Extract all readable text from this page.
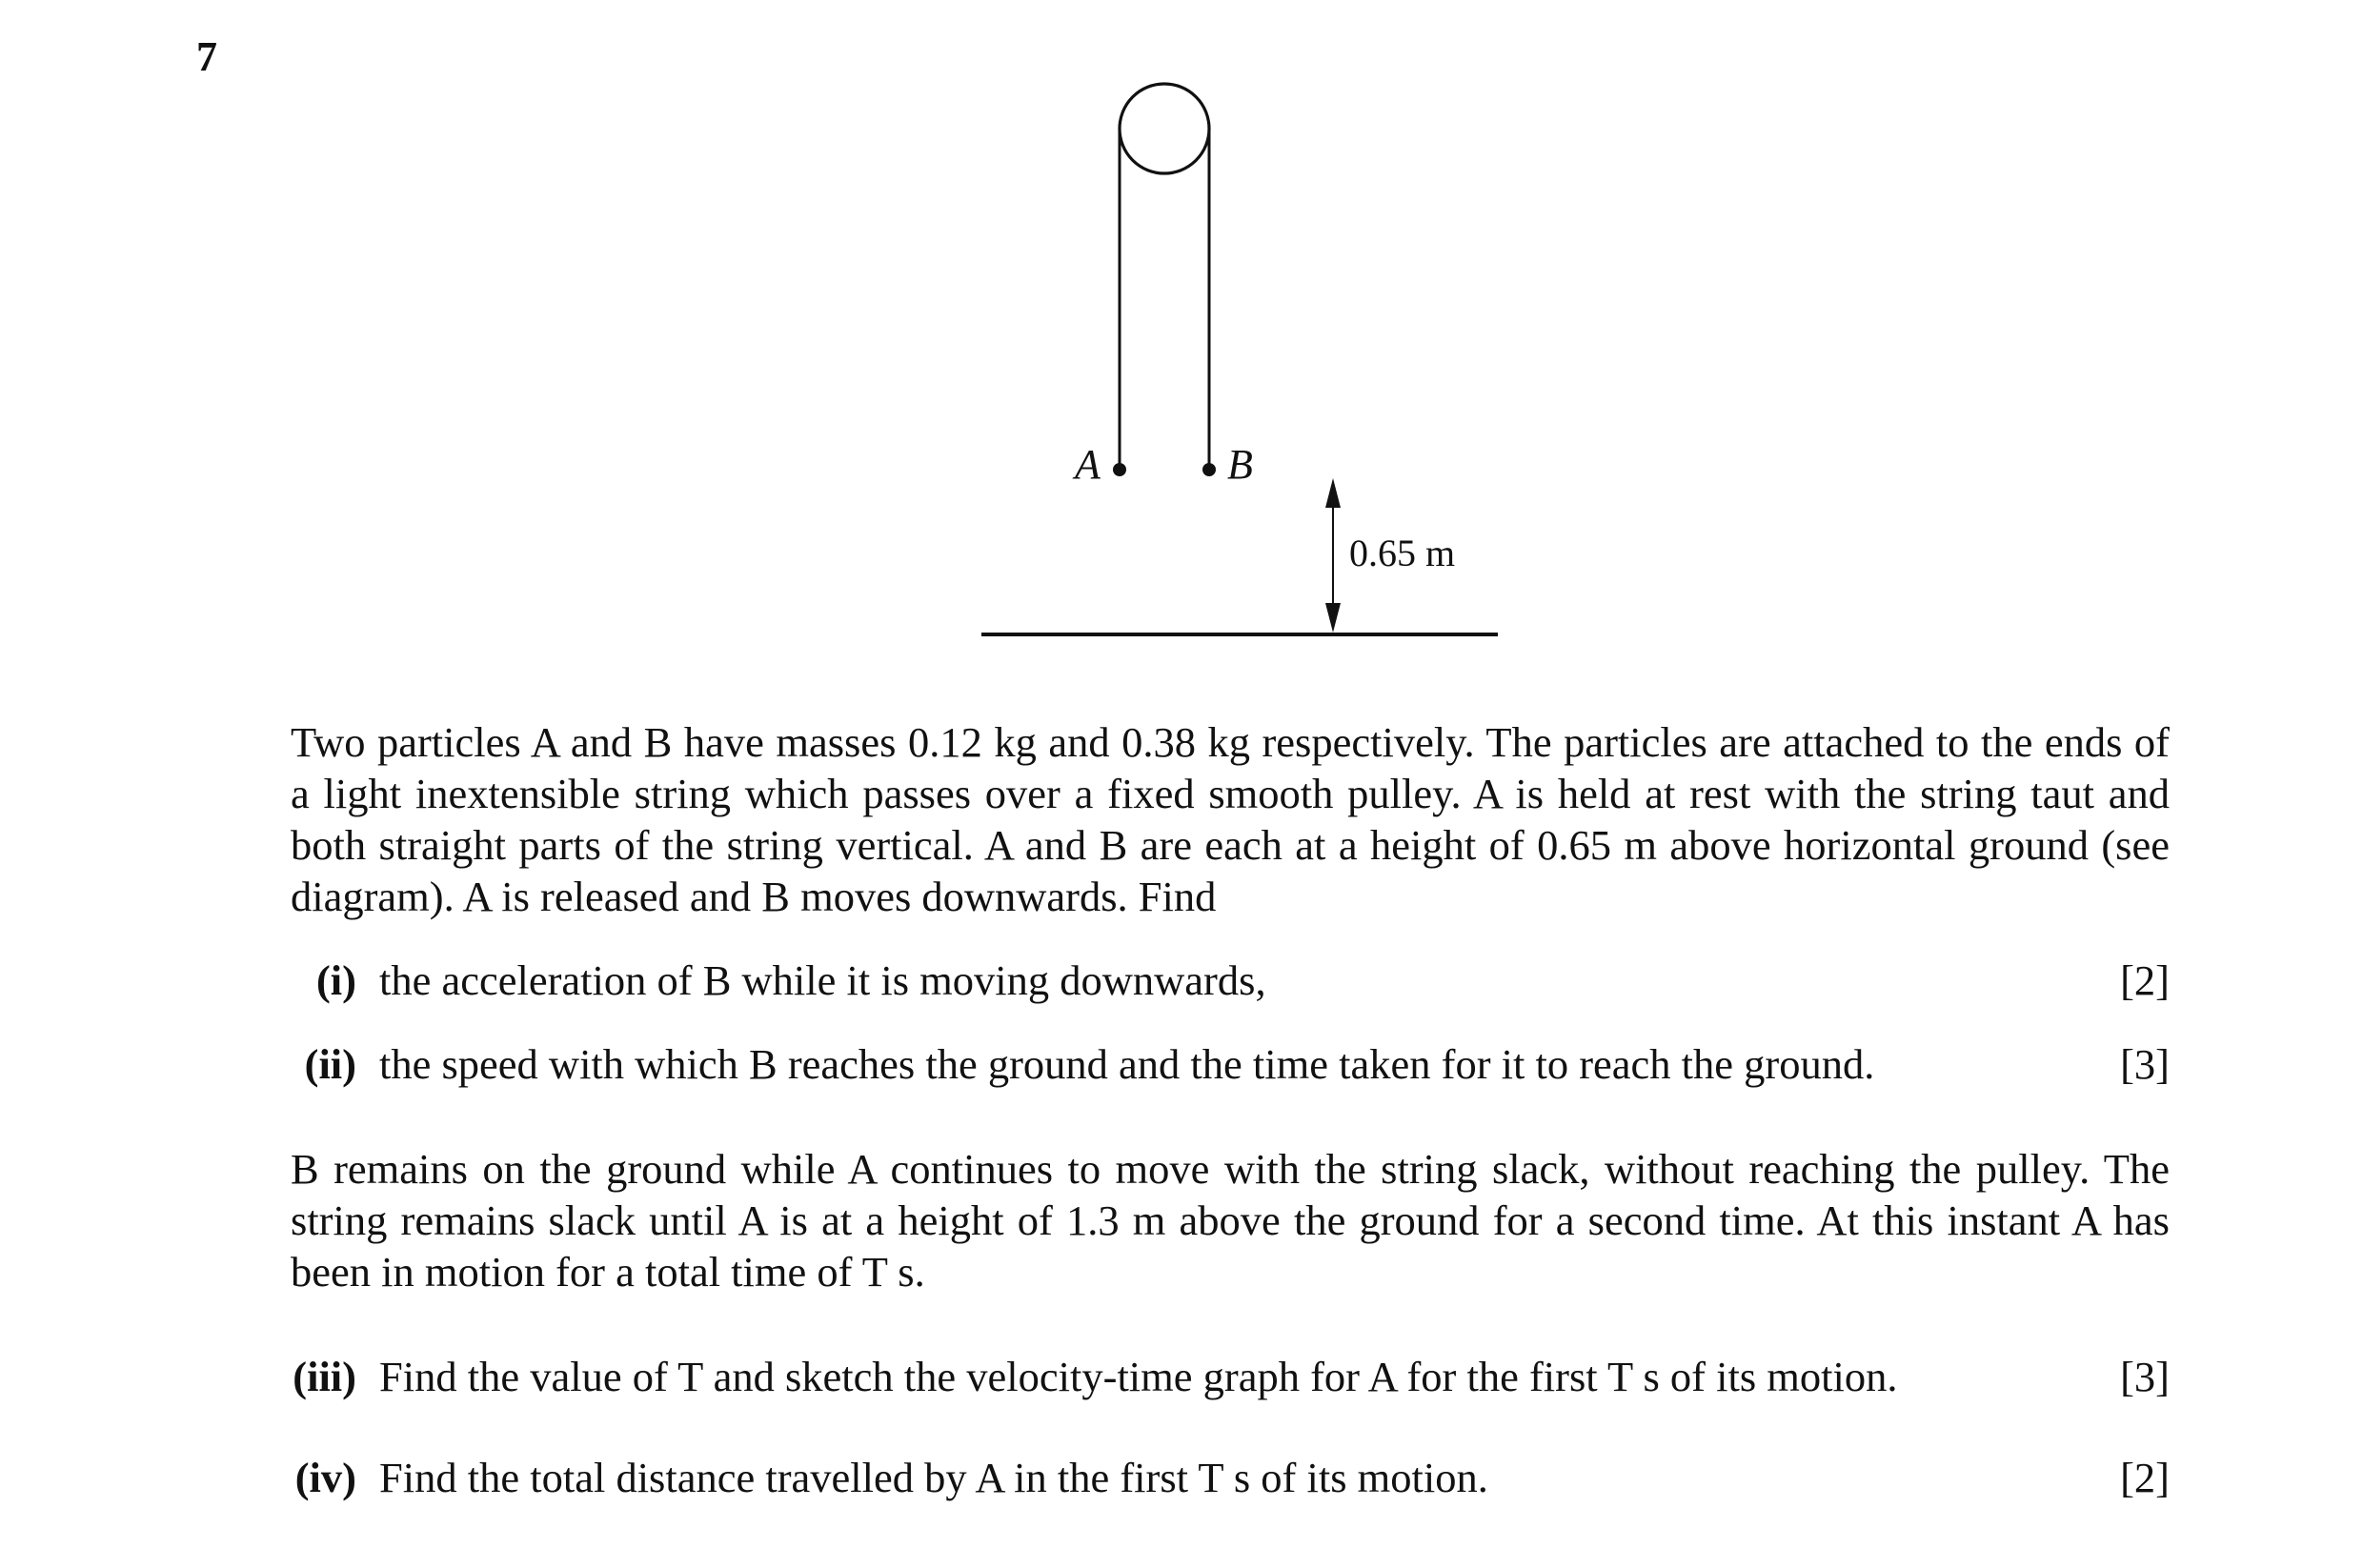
7
A	B
0.65 m
Two particles A and B have masses 0.12 kg and 0.38 kg respectively. The particles are attached to the ends of a light inextensible string which passes over a fixed smooth pulley. A is held at rest with the string taut and both straight parts of the string vertical. A and B are each at a height of 0.65 m above horizontal ground (see diagram). A is released and B moves downwards. Find
(i) the acceleration of B while it is moving downwards,	[2]
(ii) the speed with which B reaches the ground and the time taken for it to reach the ground.	[3]
B remains on the ground while A continues to move with the string slack, without reaching the pulley. The string remains slack until A is at a height of 1.3 m above the ground for a second time. At this instant A has been in motion for a total time of T s.
(iii) Find the value of T and sketch the velocity-time graph for A for the first T s of its motion.	[3]
(iv) Find the total distance travelled by A in the first T s of its motion.	[2]
